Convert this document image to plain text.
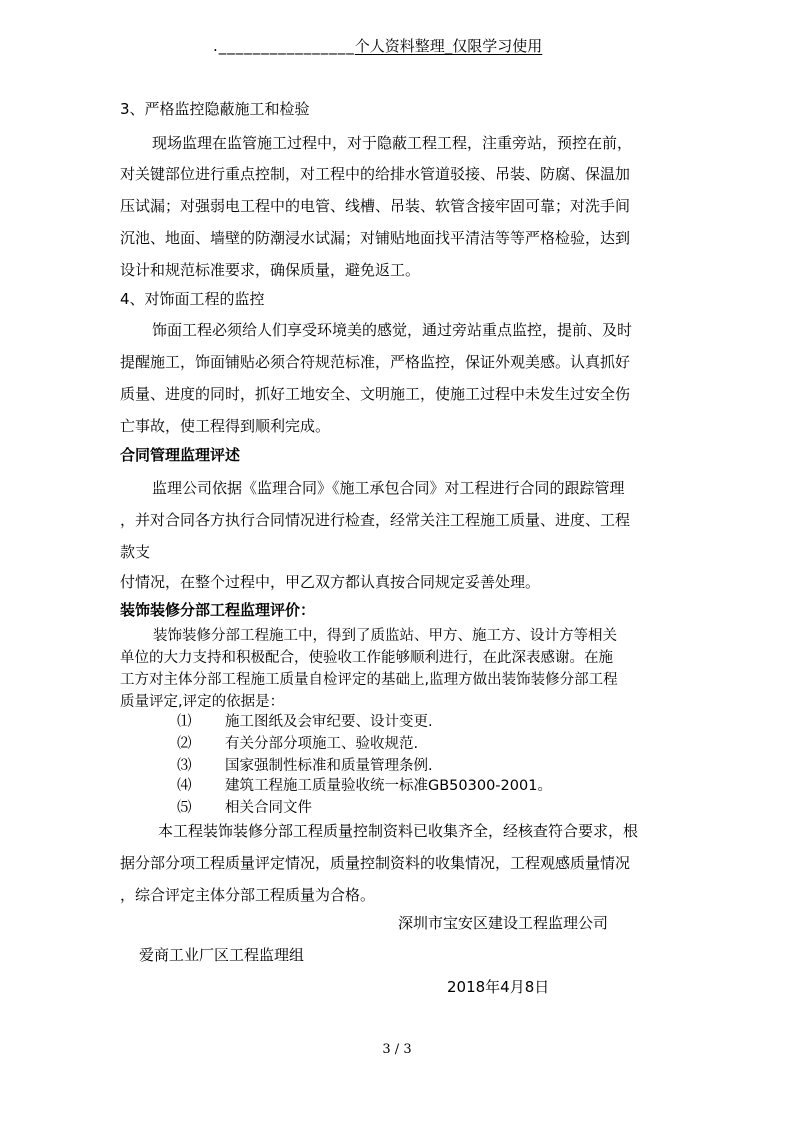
.________________个人资料整理_仅限学习使用
3、严格监控隐蔽施工和检验
现场监理在监管施工过程中，对于隐蔽工程工程，注重旁站，预控在前，
对关键部位进行重点控制，对工程中的给排水管道驳接、吊装、防腐、保温加
压试漏；对强弱电工程中的电管、线槽、吊装、软管含接牢固可靠；对洗手间
沉池、地面、墙壁的防潮浸水试漏；对铺贴地面找平清洁等等严格检验，达到
设计和规范标准要求，确保质量，避免返工。
4、对饰面工程的监控
饰面工程必须给人们享受环境美的感觉，通过旁站重点监控，提前、及时
提醒施工，饰面铺贴必须合符规范标准，严格监控，保证外观美感。认真抓好
质量、进度的同时，抓好工地安全、文明施工，使施工过程中未发生过安全伤
亡事故，使工程得到顺利完成。
合同管理监理评述
监理公司依据《监理合同》《施工承包合同》对工程进行合同的跟踪管理
，并对合同各方执行合同情况进行检查，经常关注工程施工质量、进度、工程
款支
付情况，在整个过程中，甲乙双方都认真按合同规定妥善处理。
装饰装修分部工程监理评价：
装饰装修分部工程施工中，得到了质监站、甲方、施工方、设计方等相关
单位的大力支持和积极配合，使验收工作能够顺利进行，在此深表感谢。在施
工方对主体分部工程施工质量自检评定的基础上,监理方做出装饰装修分部工程
质量评定,评定的依据是：
⑴ 施工图纸及会审纪要、设计变更.
⑵ 有关分部分项施工、验收规范.
⑶ 国家强制性标准和质量管理条例.
⑷ 建筑工程施工质量验收统一标准GB50300-2001。
⑸ 相关合同文件
本工程装饰装修分部工程质量控制资料已收集齐全，经核查符合要求，根
据分部分项工程质量评定情况，质量控制资料的收集情况，工程观感质量情况
，综合评定主体分部工程质量为合格。
深圳市宝安区建设工程监理公司
爱商工业厂区工程监理组
2018年4月8日
3 / 3
